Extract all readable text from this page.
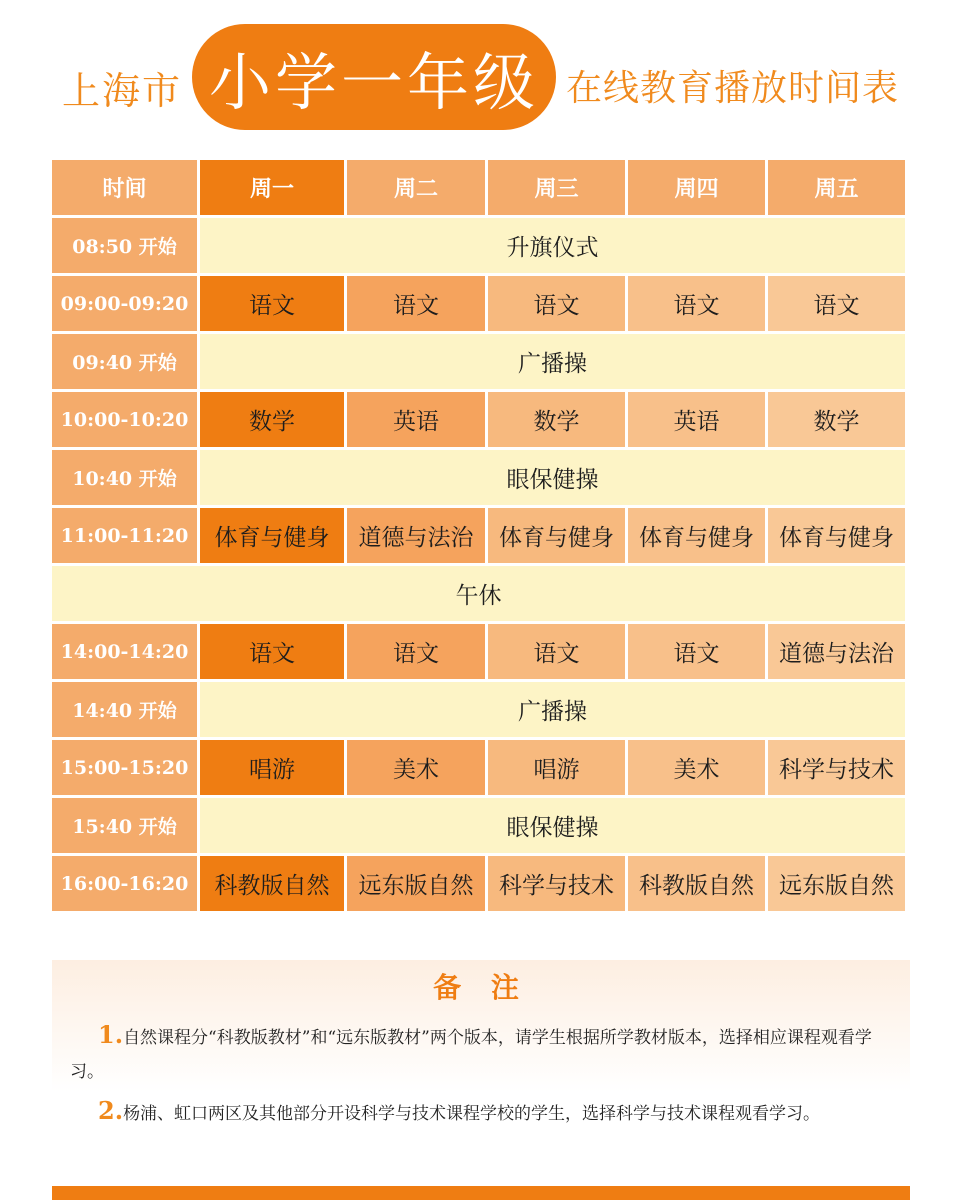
上海市 小学一年级 在线教育播放时间表
时间	周一	周二	周三	周四	周五
08:50 开始	升旗仪式
09:00-09:20	语文	语文	语文	语文	语文
09:40 开始	广播操
10:00-10:20	数学	英语	数学	英语	数学
10:40 开始	眼保健操
11:00-11:20	体育与健身	道德与法治	体育与健身	体育与健身	体育与健身
午休
14:00-14:20	语文	语文	语文	语文	道德与法治
14:40 开始	广播操
15:00-15:20	唱游	美术	唱游	美术	科学与技术
15:40 开始	眼保健操
16:00-16:20	科教版自然	远东版自然	科学与技术	科教版自然	远东版自然
备 注
1.自然课程分“科教版教材”和“远东版教材”两个版本，请学生根据所学教材版本，选择相应课程观看学习。
2.杨浦、虹口两区及其他部分开设科学与技术课程学校的学生，选择科学与技术课程观看学习。
